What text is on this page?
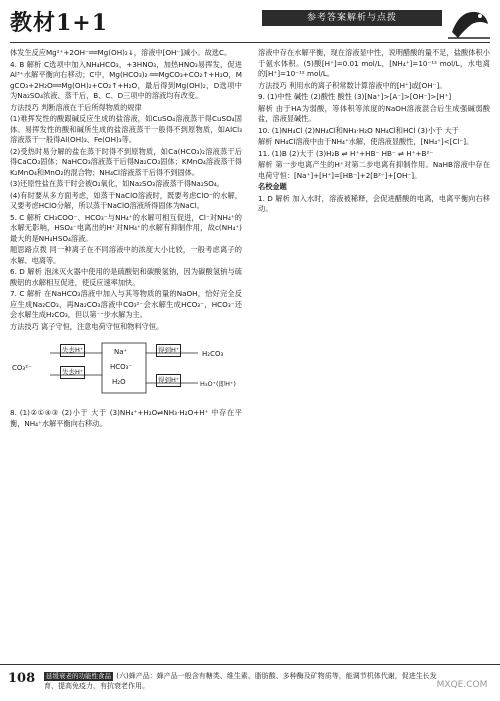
教材1+1	参考答案解析与点拨

体发生反应Mg²⁺+2OH⁻══Mg(OH)₂↓，溶液中[OH⁻]减小。故选C。

4. B 解析 C选项中加入NH₄HCO₃，+3HNO₃，加热HNO₃易挥发，促进Al³⁺水解平衡向右移动；C中，Mg(HCO₃)₂ ══MgCO₃+CO₂↑+H₂O，MgCO₃+2H₂O══Mg(OH)₂+CO₂↑+H₂O，最后得到Mg(OH)₂，D选项中为Na₂SO₄浓液、蒸干后，B、C、D三项中的溶液均有改变。

方法技巧 判断溶液在干后所得物质的规律

(1)难挥发性的酸跟碱反应生成的盐溶液，如CuSO₄溶液蒸干得CuSO₄固体。易挥发性的酸和碱所生成的盐溶液蒸干一般得不到原物质，如AlCl₃溶液蒸干一般得Al(OH)₃、Fe(OH)₃等。

(2)受热时易分解的盐在蒸干时得不到原物质，如Ca(HCO₃)₂溶液蒸干后得CaCO₃固体；NaHCO₃溶液蒸干后得Na₂CO₃固体；KMnO₄溶液蒸干得K₂MnO₄和MnO₂的混合物；NH₄Cl溶液蒸干后得不到固体。

(3)还原性盐在蒸干时会被O₂氧化，如Na₂SO₃溶液蒸干得Na₂SO₄。

(4)有时要从多方面考虑，如蒸干NaClO溶液时，既要考虑ClO⁻的水解，又要考虑HClO分解，所以蒸干NaClO溶液所得固体为NaCl。

5. C 解析 CH₃COO⁻、HCO₃⁻与NH₄⁺的水解可相互促进，Cl⁻对NH₄⁺的水解无影响，HSO₄⁻电离出的H⁺对NH₄⁺的水解有抑制作用，故c(NH₄⁺)最大的是NH₄HSO₄溶液。

题思路点拨 同一种离子在不同溶液中的浓度大小比较，一般考虑离子的水解、电离等。

6. D 解析 泡沫灭火器中使用的是硫酸铝和碳酸氢钠，因为碳酸氢钠与硫酸铝的水解相互促进，使反应速率加快。

7. C 解析 在NaHCO₃溶液中加入与其等物质的量的NaOH，恰好完全反应生成Na₂CO₃，再Na₂CO₃溶液中CO₃²⁻会水解生成HCO₃⁻，HCO₃⁻还会水解生成H₂CO₃，但以第一步水解为主。

方法技巧 离子守恒，注意电荷守恒和物料守恒。

CO₃²⁻
失去H⁺
失去H⁺
Na⁺
HCO₃⁻
H₂O
得到H⁺	H₂CO₃
得到H⁺	H₃O⁺(即H⁺)

8. (1)②①④③ (2)小于 大于 (3)NH₄⁺+H₂O⇌NH₃·H₂O+H⁺ 中存在平衡，NH₄⁺水解平衡向右移动。

溶液中存在水解平衡，现在溶液显中性，说明醋酸的量不足，盐酸体积小于氨水体积。(5)酸[H⁺]=0.01 mol/L，[NH₄⁺]=10⁻¹² mol/L，水电离的[H⁺]=10⁻¹² mol/L。

方法技巧 利用水的离子积常数计算溶液中的[H⁺]或[OH⁻]。

9. (1)中性 碱性 (2)酸性 酸性 (3)[Na⁺]>[A⁻]>[OH⁻]>[H⁺]

解析 由于HA为弱酸，等体积等浓度的NaOH溶液混合后生成强碱弱酸盐，溶液显碱性。

10. (1)NH₄Cl (2)NH₄Cl和NH₃·H₂O NH₄Cl和HCl (3)小于 大于

解析 NH₄Cl溶液中由于NH₄⁺水解，使溶液显酸性，[NH₄⁺]<[Cl⁻]。

11. (1)B (2)大于 (3)H₂B ⇌ H⁺+HB⁻ HB⁻ ⇌ H⁺+B²⁻

解析 第一步电离产生的H⁺对第二步电离有抑制作用。NaHB溶液中存在电荷守恒：[Na⁺]+[H⁺]=[HB⁻]+2[B²⁻]+[OH⁻]。

名校金题

1. D 解析 加入水时，溶液被稀释，会促进醋酸的电离，电离平衡向右移动。

108	延缓衰老的功能性食品 (六)蜂产品：蜂产品一般含有糖类、维生素、脂肪酸、多种酶及矿物质等，能调节机体代谢，促进生长发育，提高免疫力，有抗衰老作用。	MXQE.COM
